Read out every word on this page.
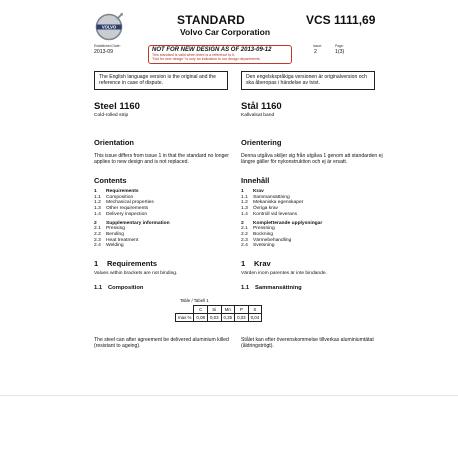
VOLVO
STANDARD	VCS 1111,69
Volvo Car Corporation
Established Date:
2013-09
Issue:
2
Page:
1(3)
NOT FOR NEW DESIGN AS OF 2013-09-12
This standard is valid when there is a reference to it.
"Not for new design" is only an indication to our design departments.
The English language version is the original and the reference in case of dispute.
Den engelskspråkiga versionen är originalversion och ska åberopas i händelse av tvist.
Steel 1160
Cold-rolled strip
Stål 1160
Kallvalsat band
Orientation
This issue differs from issue 1 in that the standard no longer applies to new design and is not replaced.
Orientering
Denna utgåva skiljer sig från utgåva 1 genom att standarden ej längre gäller för nykonstruktion och ej är ersatt.
Contents
1	Requirements
1.1	Composition
1.2	Mechanical properties
1.3	Other requirements
1.4	Delivery inspection
2	Supplementary information
2.1	Pressing
2.2	Bending
2.3	Heat treatment
2.4	Welding
Innehåll
1	Krav
1.1	Sammansättning
1.2	Mekaniska egenskaper
1.3	Övriga krav
1.4	Kontroll vid leverans
2	Kompletterande upplysningar
2.1	Pressning
2.2	Bockning
2.3	Värmebehandling
2.4	Svetsning
1 Requirements
Values within brackets are not binding.
1 Krav
Värden inom parentes är inte bindande.
1.1 Composition	1.1 Sammansättning
Table / Tabell 1
	C	Si	Mn	P	S
max %	0,08	0,03	0,35	0,03	0,04
The steel can after agreement be delivered aluminium killed (resistant to ageing).
Stålet kan efter överenskommelse tillverkas aluminiumtätat (åldringströgt).
